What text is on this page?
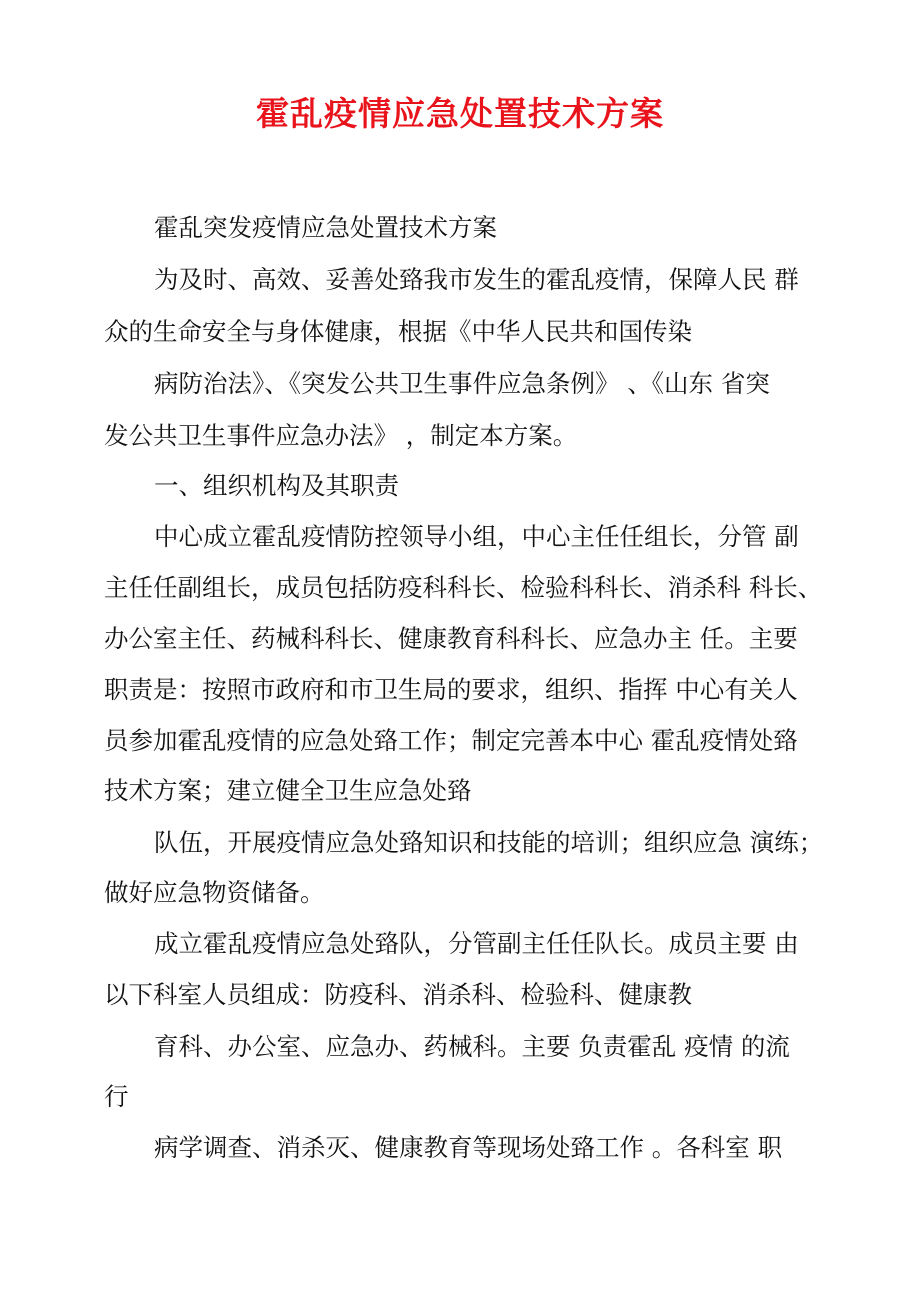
霍乱疫情应急处置技术方案
霍乱突发疫情应急处置技术方案
为及时、高效、妥善处臵我市发生的霍乱疫情，保障人民 群
众的生命安全与身体健康，根据《中华人民共和国传染
病防治法》、《突发公共卫生事件应急条例》 、《山东 省突
发公共卫生事件应急办法》 ，制定本方案。
一、组织机构及其职责
中心成立霍乱疫情防控领导小组，中心主任任组长，分管 副
主任任副组长，成员包括防疫科科长、检验科科长、消杀科 科长、
办公室主任、药械科科长、健康教育科科长、应急办主 任。主要
职责是：按照市政府和市卫生局的要求，组织、指挥 中心有关人
员参加霍乱疫情的应急处臵工作；制定完善本中心 霍乱疫情处臵
技术方案；建立健全卫生应急处臵
队伍，开展疫情应急处臵知识和技能的培训；组织应急 演练；
做好应急物资储备。
成立霍乱疫情应急处臵队，分管副主任任队长。成员主要 由
以下科室人员组成：防疫科、消杀科、检验科、健康教
育科、办公室、应急办、药械科。主要 负责霍乱 疫情 的流
行
病学调查、消杀灭、健康教育等现场处臵工作 。各科室 职
